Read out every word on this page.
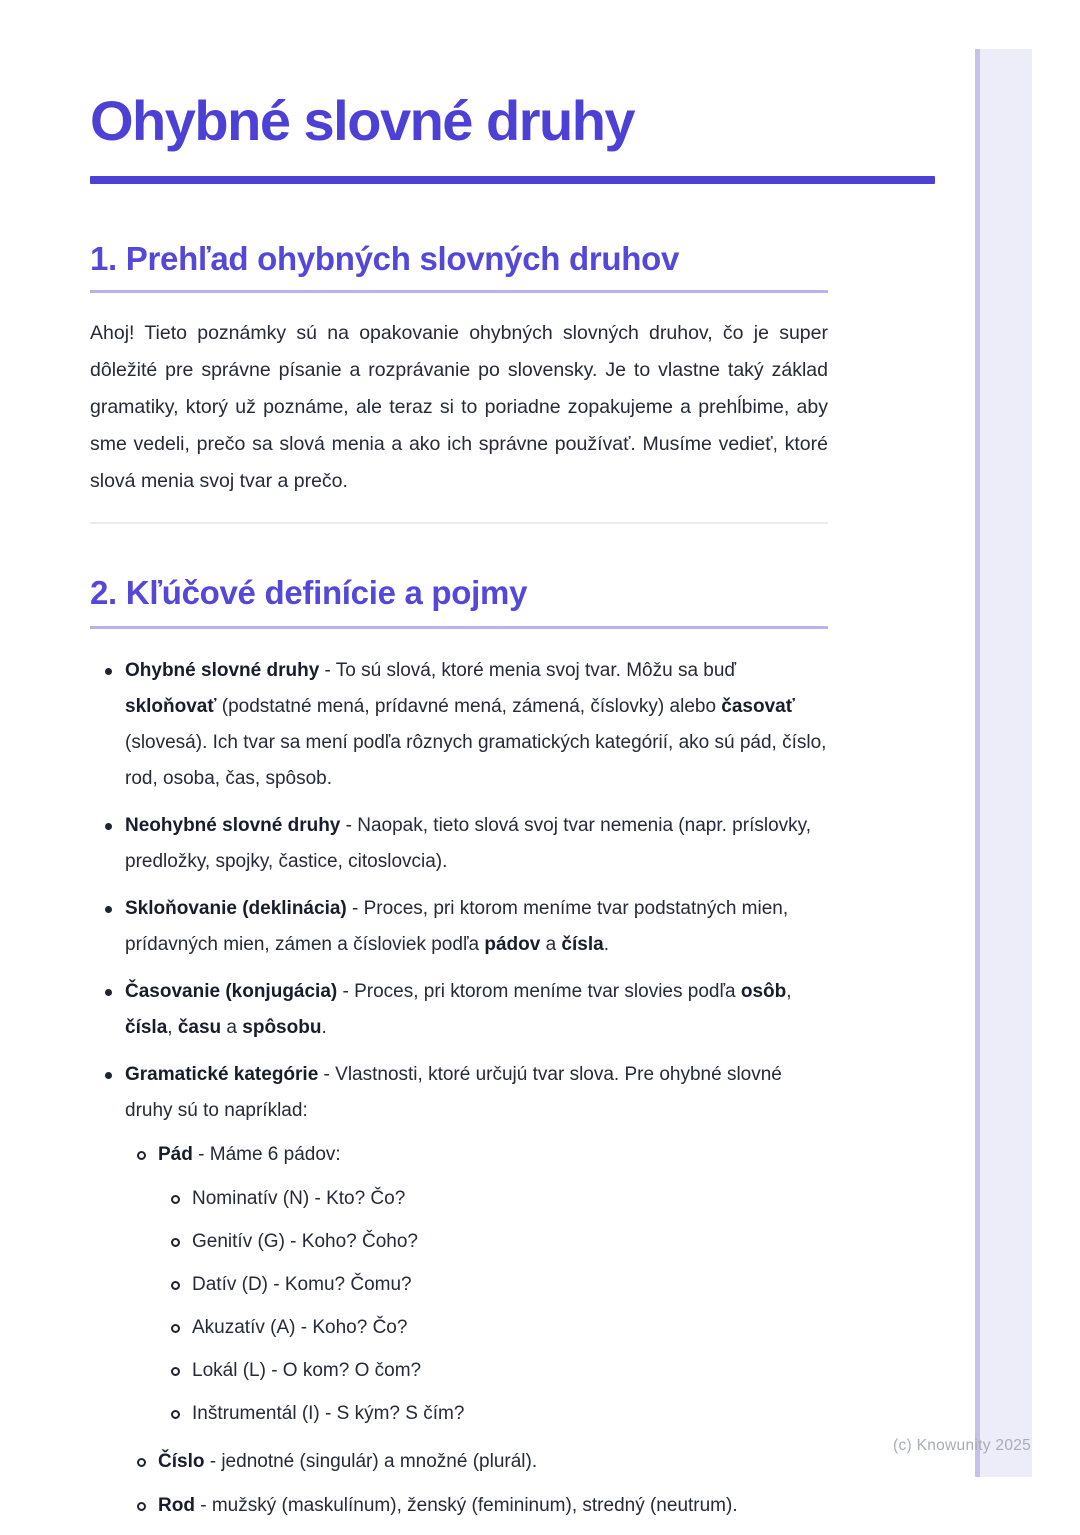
(c) Knowunity 2025
Ohybné slovné druhy
1. Prehľad ohybných slovných druhov

Ahoj! Tieto poznámky sú na opakovanie ohybných slovných druhov, čo je super dôležité pre správne písanie a rozprávanie po slovensky. Je to vlastne taký základ gramatiky, ktorý už poznáme, ale teraz si to poriadne zopakujeme a prehĺbime, aby sme vedeli, prečo sa slová menia a ako ich správne používať. Musíme vedieť, ktoré slová menia svoj tvar a prečo.

2. Kľúčové definície a pojmy
Ohybné slovné druhy - To sú slová, ktoré menia svoj tvar. Môžu sa buď skloňovať (podstatné mená, prídavné mená, zámená, číslovky) alebo časovať (slovesá). Ich tvar sa mení podľa rôznych gramatických kategórií, ako sú pád, číslo, rod, osoba, čas, spôsob.
Neohybné slovné druhy - Naopak, tieto slová svoj tvar nemenia (napr. príslovky, predložky, spojky, častice, citoslovcia).
Skloňovanie (deklinácia) - Proces, pri ktorom meníme tvar podstatných mien, prídavných mien, zámen a čísloviek podľa pádov a čísla.
Časovanie (konjugácia) - Proces, pri ktorom meníme tvar slovies podľa osôb, čísla, času a spôsobu.
Gramatické kategórie - Vlastnosti, ktoré určujú tvar slova. Pre ohybné slovné druhy sú to napríklad:
Pád - Máme 6 pádov:
Nominatív (N) - Kto? Čo?
Genitív (G) - Koho? Čoho?
Datív (D) - Komu? Čomu?
Akuzatív (A) - Koho? Čo?
Lokál (L) - O kom? O čom?
Inštrumentál (I) - S kým? S čím?
Číslo - jednotné (singulár) a množné (plurál).
Rod - mužský (maskulínum), ženský (femininum), stredný (neutrum).
